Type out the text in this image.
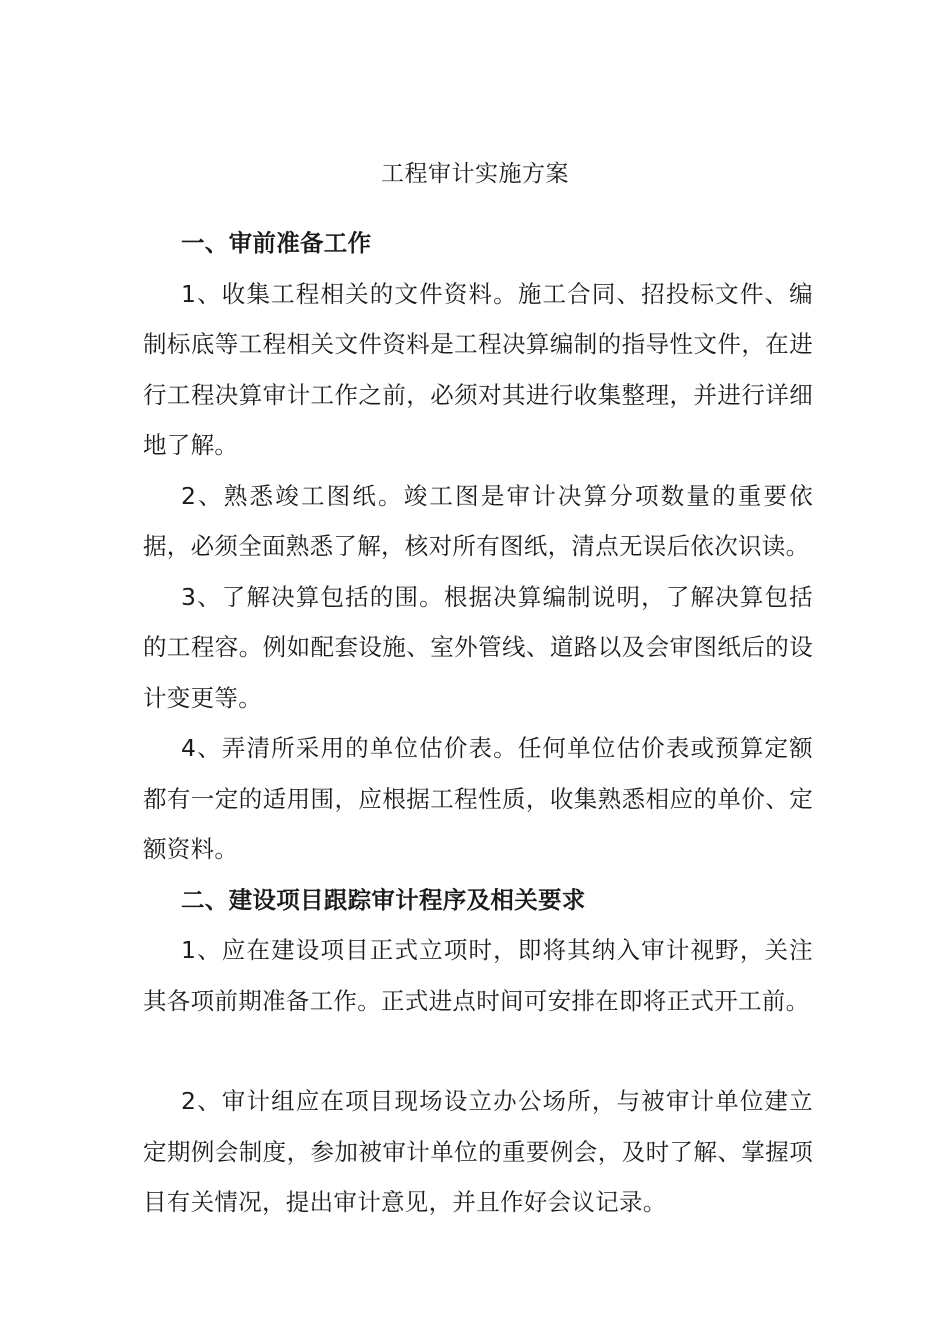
工程审计实施方案

一、审前准备工作

1、收集工程相关的文件资料。施工合同、招投标文件、编制标底等工程相关文件资料是工程决算编制的指导性文件，在进行工程决算审计工作之前，必须对其进行收集整理，并进行详细地了解。

2、熟悉竣工图纸。竣工图是审计决算分项数量的重要依据，必须全面熟悉了解，核对所有图纸，清点无误后依次识读。

3、了解决算包括的围。根据决算编制说明，了解决算包括的工程容。例如配套设施、室外管线、道路以及会审图纸后的设计变更等。

4、弄清所采用的单位估价表。任何单位估价表或预算定额都有一定的适用围，应根据工程性质，收集熟悉相应的单价、定额资料。

二、建设项目跟踪审计程序及相关要求

1、应在建设项目正式立项时，即将其纳入审计视野，关注其各项前期准备工作。正式进点时间可安排在即将正式开工前。

2、审计组应在项目现场设立办公场所，与被审计单位建立定期例会制度，参加被审计单位的重要例会，及时了解、掌握项目有关情况，提出审计意见，并且作好会议记录。
